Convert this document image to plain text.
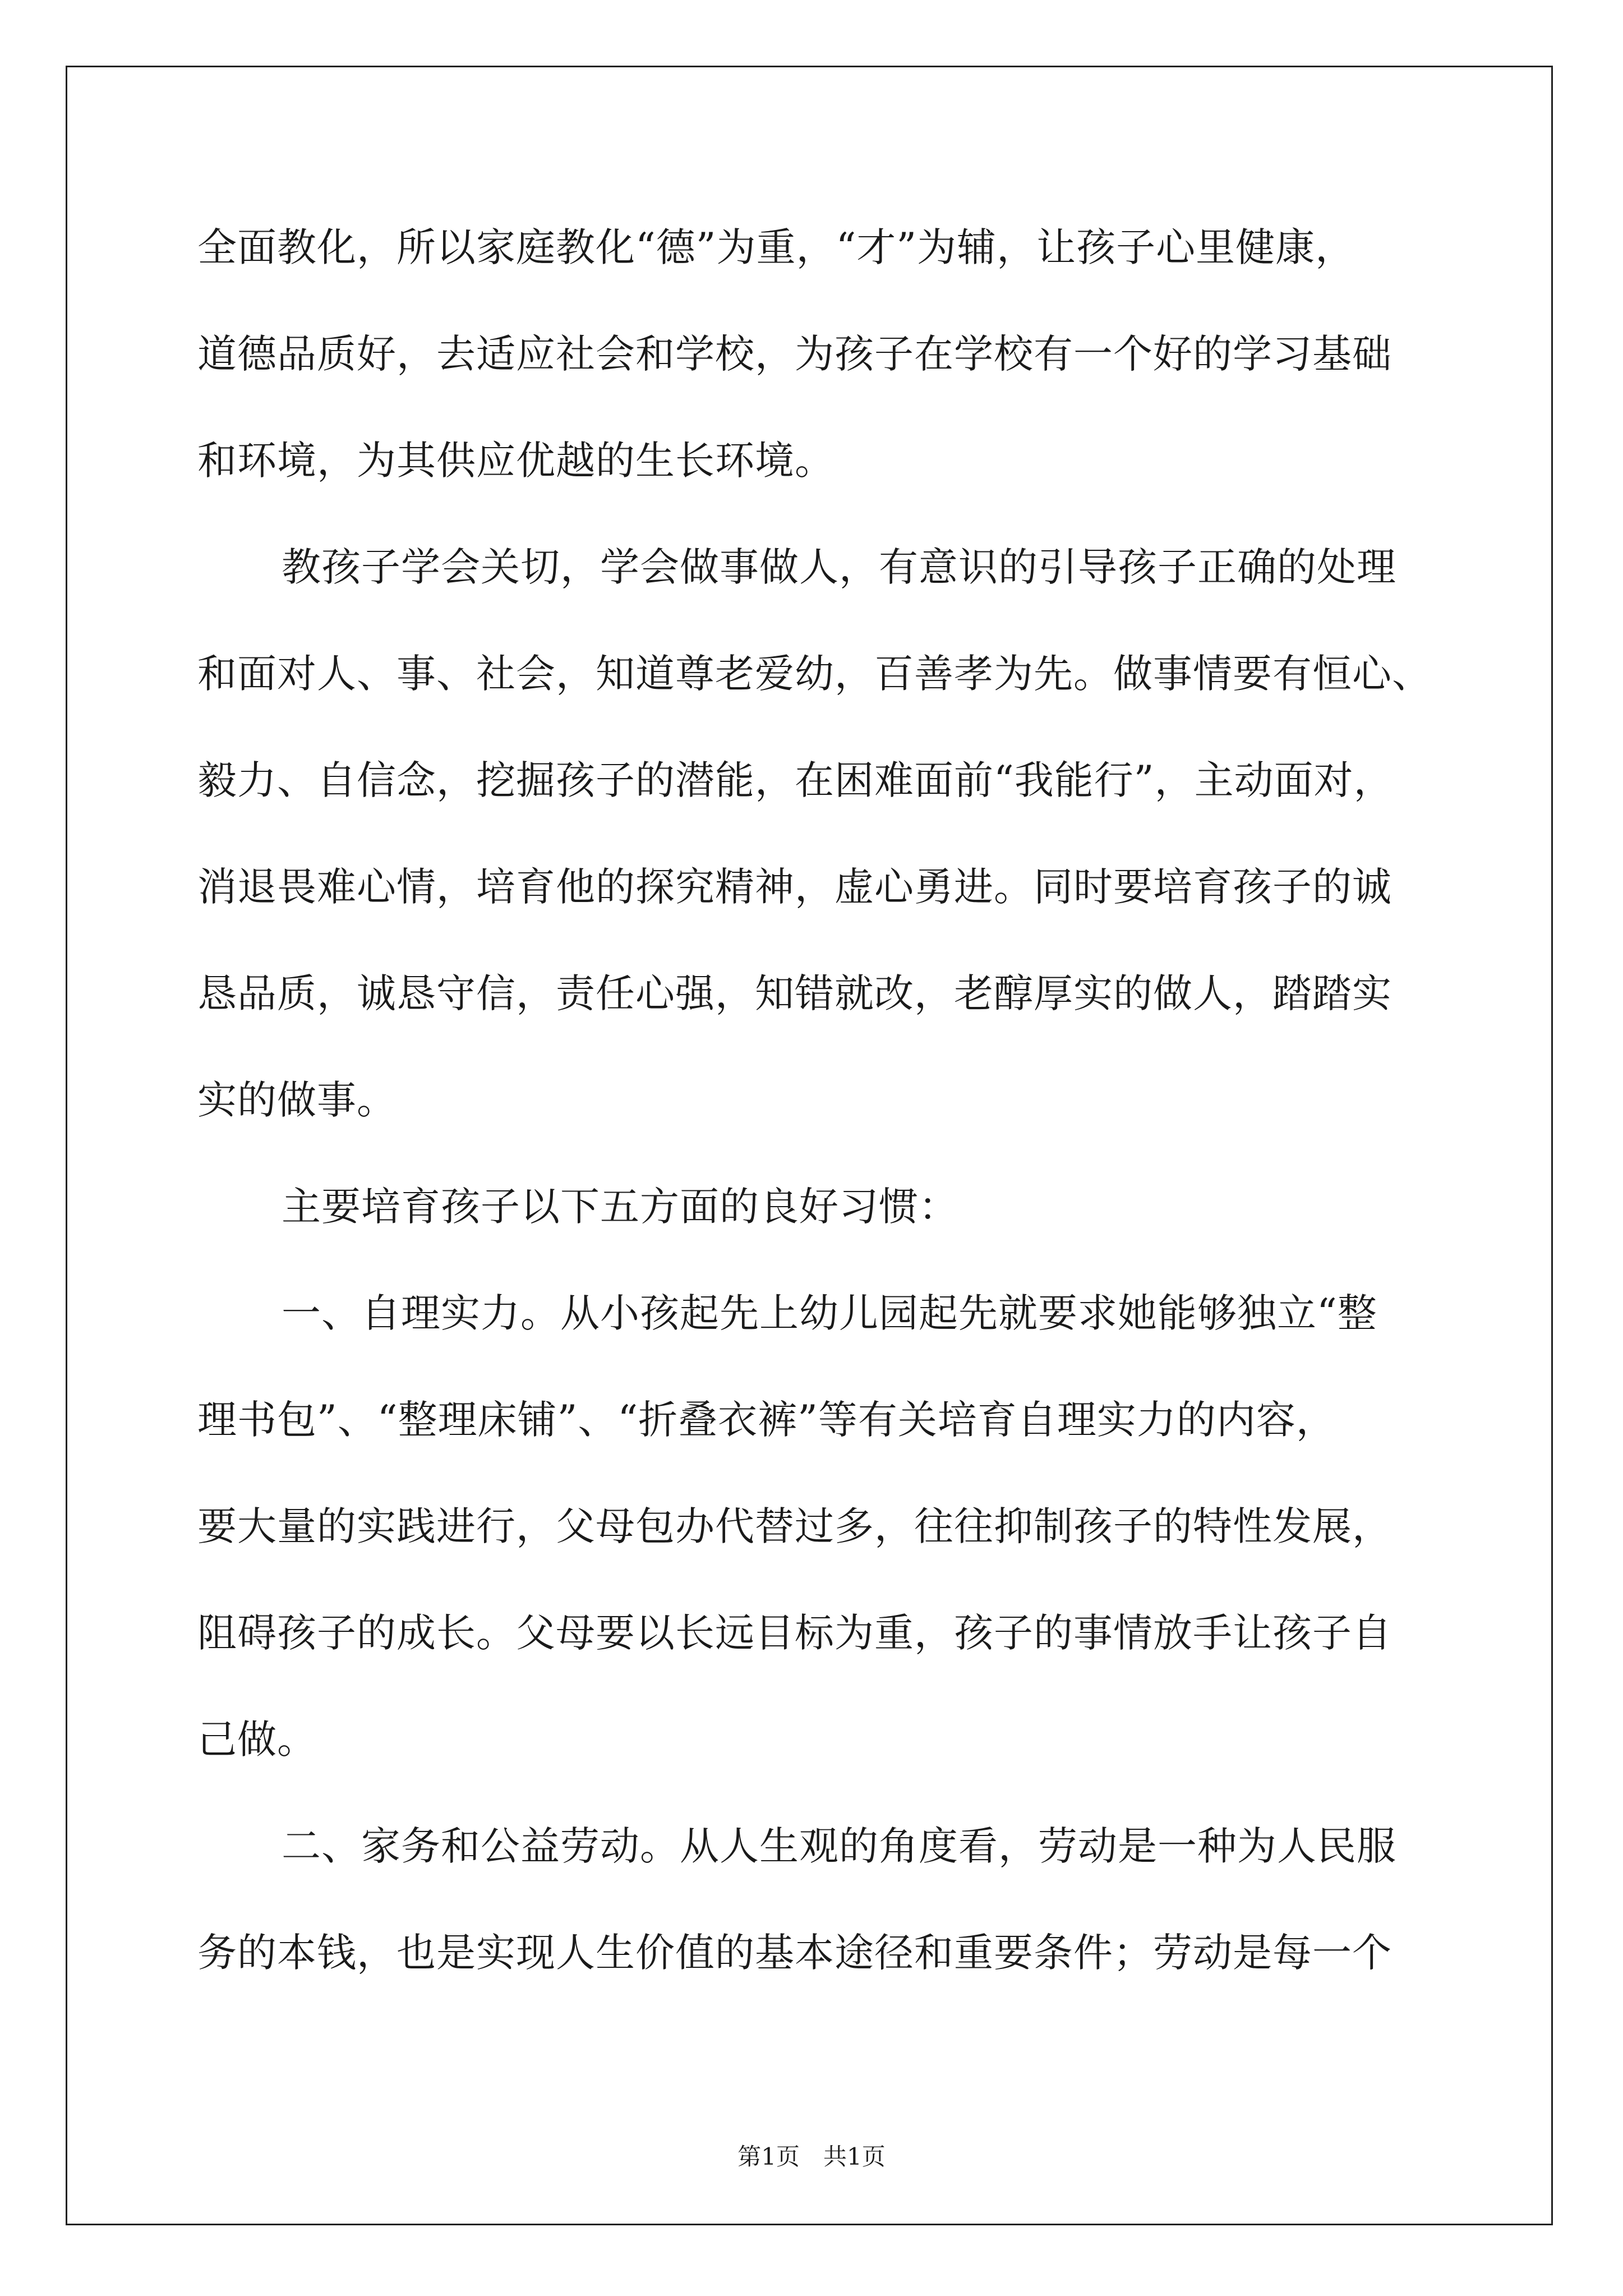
全面教化，所以家庭教化“德”为重，“才”为辅，让孩子心里健康，
道德品质好，去适应社会和学校，为孩子在学校有一个好的学习基础
和环境，为其供应优越的生长环境。
教孩子学会关切，学会做事做人，有意识的引导孩子正确的处理
和面对人、事、社会，知道尊老爱幼，百善孝为先。做事情要有恒心、
毅力、自信念，挖掘孩子的潜能，在困难面前“我能行”，主动面对，
消退畏难心情，培育他的探究精神，虚心勇进。同时要培育孩子的诚
恳品质，诚恳守信，责任心强，知错就改，老醇厚实的做人，踏踏实
实的做事。
主要培育孩子以下五方面的良好习惯：
一、自理实力。从小孩起先上幼儿园起先就要求她能够独立“整
理书包”、“整理床铺”、“折叠衣裤”等有关培育自理实力的内容，
要大量的实践进行，父母包办代替过多，往往抑制孩子的特性发展，
阻碍孩子的成长。父母要以长远目标为重，孩子的事情放手让孩子自
己做。
二、家务和公益劳动。从人生观的角度看，劳动是一种为人民服
务的本钱，也是实现人生价值的基本途径和重要条件；劳动是每一个
第1页　共1页
